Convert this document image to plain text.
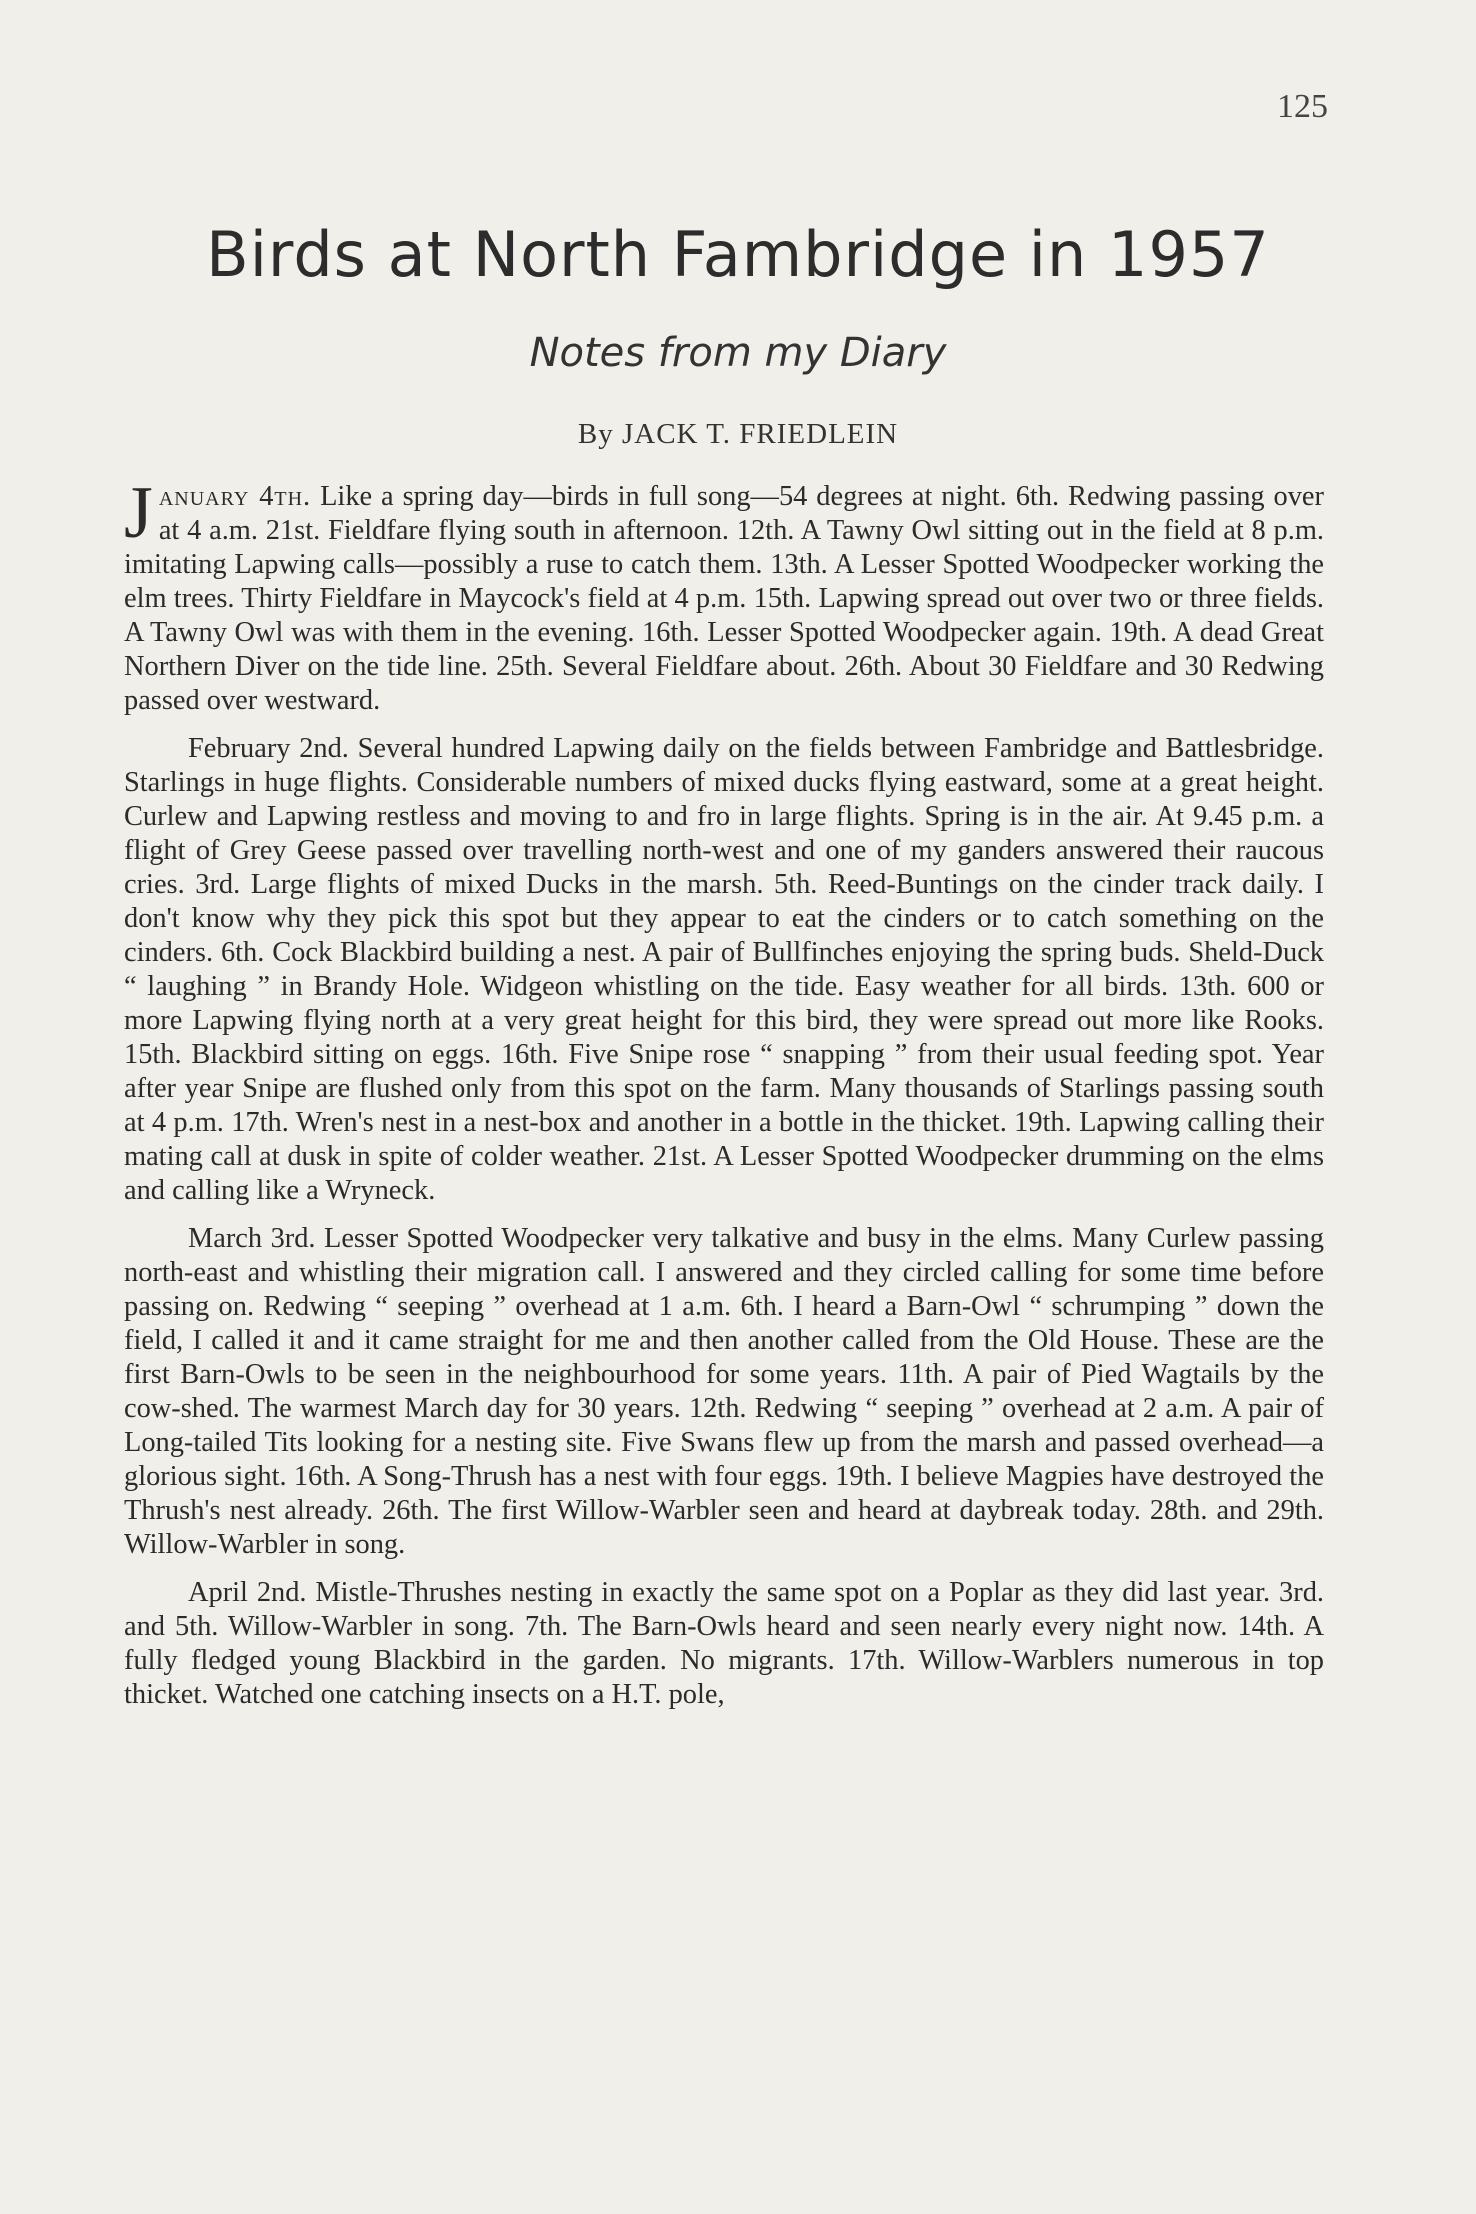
125
Birds at North Fambridge in 1957
Notes from my Diary
By JACK T. FRIEDLEIN

January 4th. Like a spring day—birds in full song—54 degrees at night. 6th. Redwing passing over at 4 a.m. 21st. Fieldfare flying south in afternoon. 12th. A Tawny Owl sitting out in the field at 8 p.m. imitating Lapwing calls—possibly a ruse to catch them. 13th. A Lesser Spotted Woodpecker working the elm trees. Thirty Fieldfare in Maycock's field at 4 p.m. 15th. Lapwing spread out over two or three fields. A Tawny Owl was with them in the evening. 16th. Lesser Spotted Woodpecker again. 19th. A dead Great Northern Diver on the tide line. 25th. Several Fieldfare about. 26th. About 30 Fieldfare and 30 Redwing passed over westward.

February 2nd. Several hundred Lapwing daily on the fields between Fambridge and Battlesbridge. Starlings in huge flights. Considerable numbers of mixed ducks flying eastward, some at a great height. Curlew and Lapwing restless and moving to and fro in large flights. Spring is in the air. At 9.45 p.m. a flight of Grey Geese passed over travelling north-west and one of my ganders answered their raucous cries. 3rd. Large flights of mixed Ducks in the marsh. 5th. Reed-Buntings on the cinder track daily. I don't know why they pick this spot but they appear to eat the cinders or to catch something on the cinders. 6th. Cock Blackbird building a nest. A pair of Bullfinches enjoying the spring buds. Sheld-Duck “ laughing ” in Brandy Hole. Widgeon whistling on the tide. Easy weather for all birds. 13th. 600 or more Lapwing flying north at a very great height for this bird, they were spread out more like Rooks. 15th. Blackbird sitting on eggs. 16th. Five Snipe rose “ snapping ” from their usual feeding spot. Year after year Snipe are flushed only from this spot on the farm. Many thousands of Starlings passing south at 4 p.m. 17th. Wren's nest in a nest-box and another in a bottle in the thicket. 19th. Lapwing calling their mating call at dusk in spite of colder weather. 21st. A Lesser Spotted Woodpecker drumming on the elms and calling like a Wryneck.

March 3rd. Lesser Spotted Woodpecker very talkative and busy in the elms. Many Curlew passing north-east and whistling their migration call. I answered and they circled calling for some time before passing on. Redwing “ seeping ” overhead at 1 a.m. 6th. I heard a Barn-Owl “ schrumping ” down the field, I called it and it came straight for me and then another called from the Old House. These are the first Barn-Owls to be seen in the neighbourhood for some years. 11th. A pair of Pied Wagtails by the cow-shed. The warmest March day for 30 years. 12th. Redwing “ seeping ” overhead at 2 a.m. A pair of Long-tailed Tits looking for a nesting site. Five Swans flew up from the marsh and passed overhead—a glorious sight. 16th. A Song-Thrush has a nest with four eggs. 19th. I believe Magpies have destroyed the Thrush's nest already. 26th. The first Willow-Warbler seen and heard at daybreak today. 28th. and 29th. Willow-Warbler in song.

April 2nd. Mistle-Thrushes nesting in exactly the same spot on a Poplar as they did last year. 3rd. and 5th. Willow-Warbler in song. 7th. The Barn-Owls heard and seen nearly every night now. 14th. A fully fledged young Blackbird in the garden. No migrants. 17th. Willow-Warblers numerous in top thicket. Watched one catching insects on a H.T. pole,
